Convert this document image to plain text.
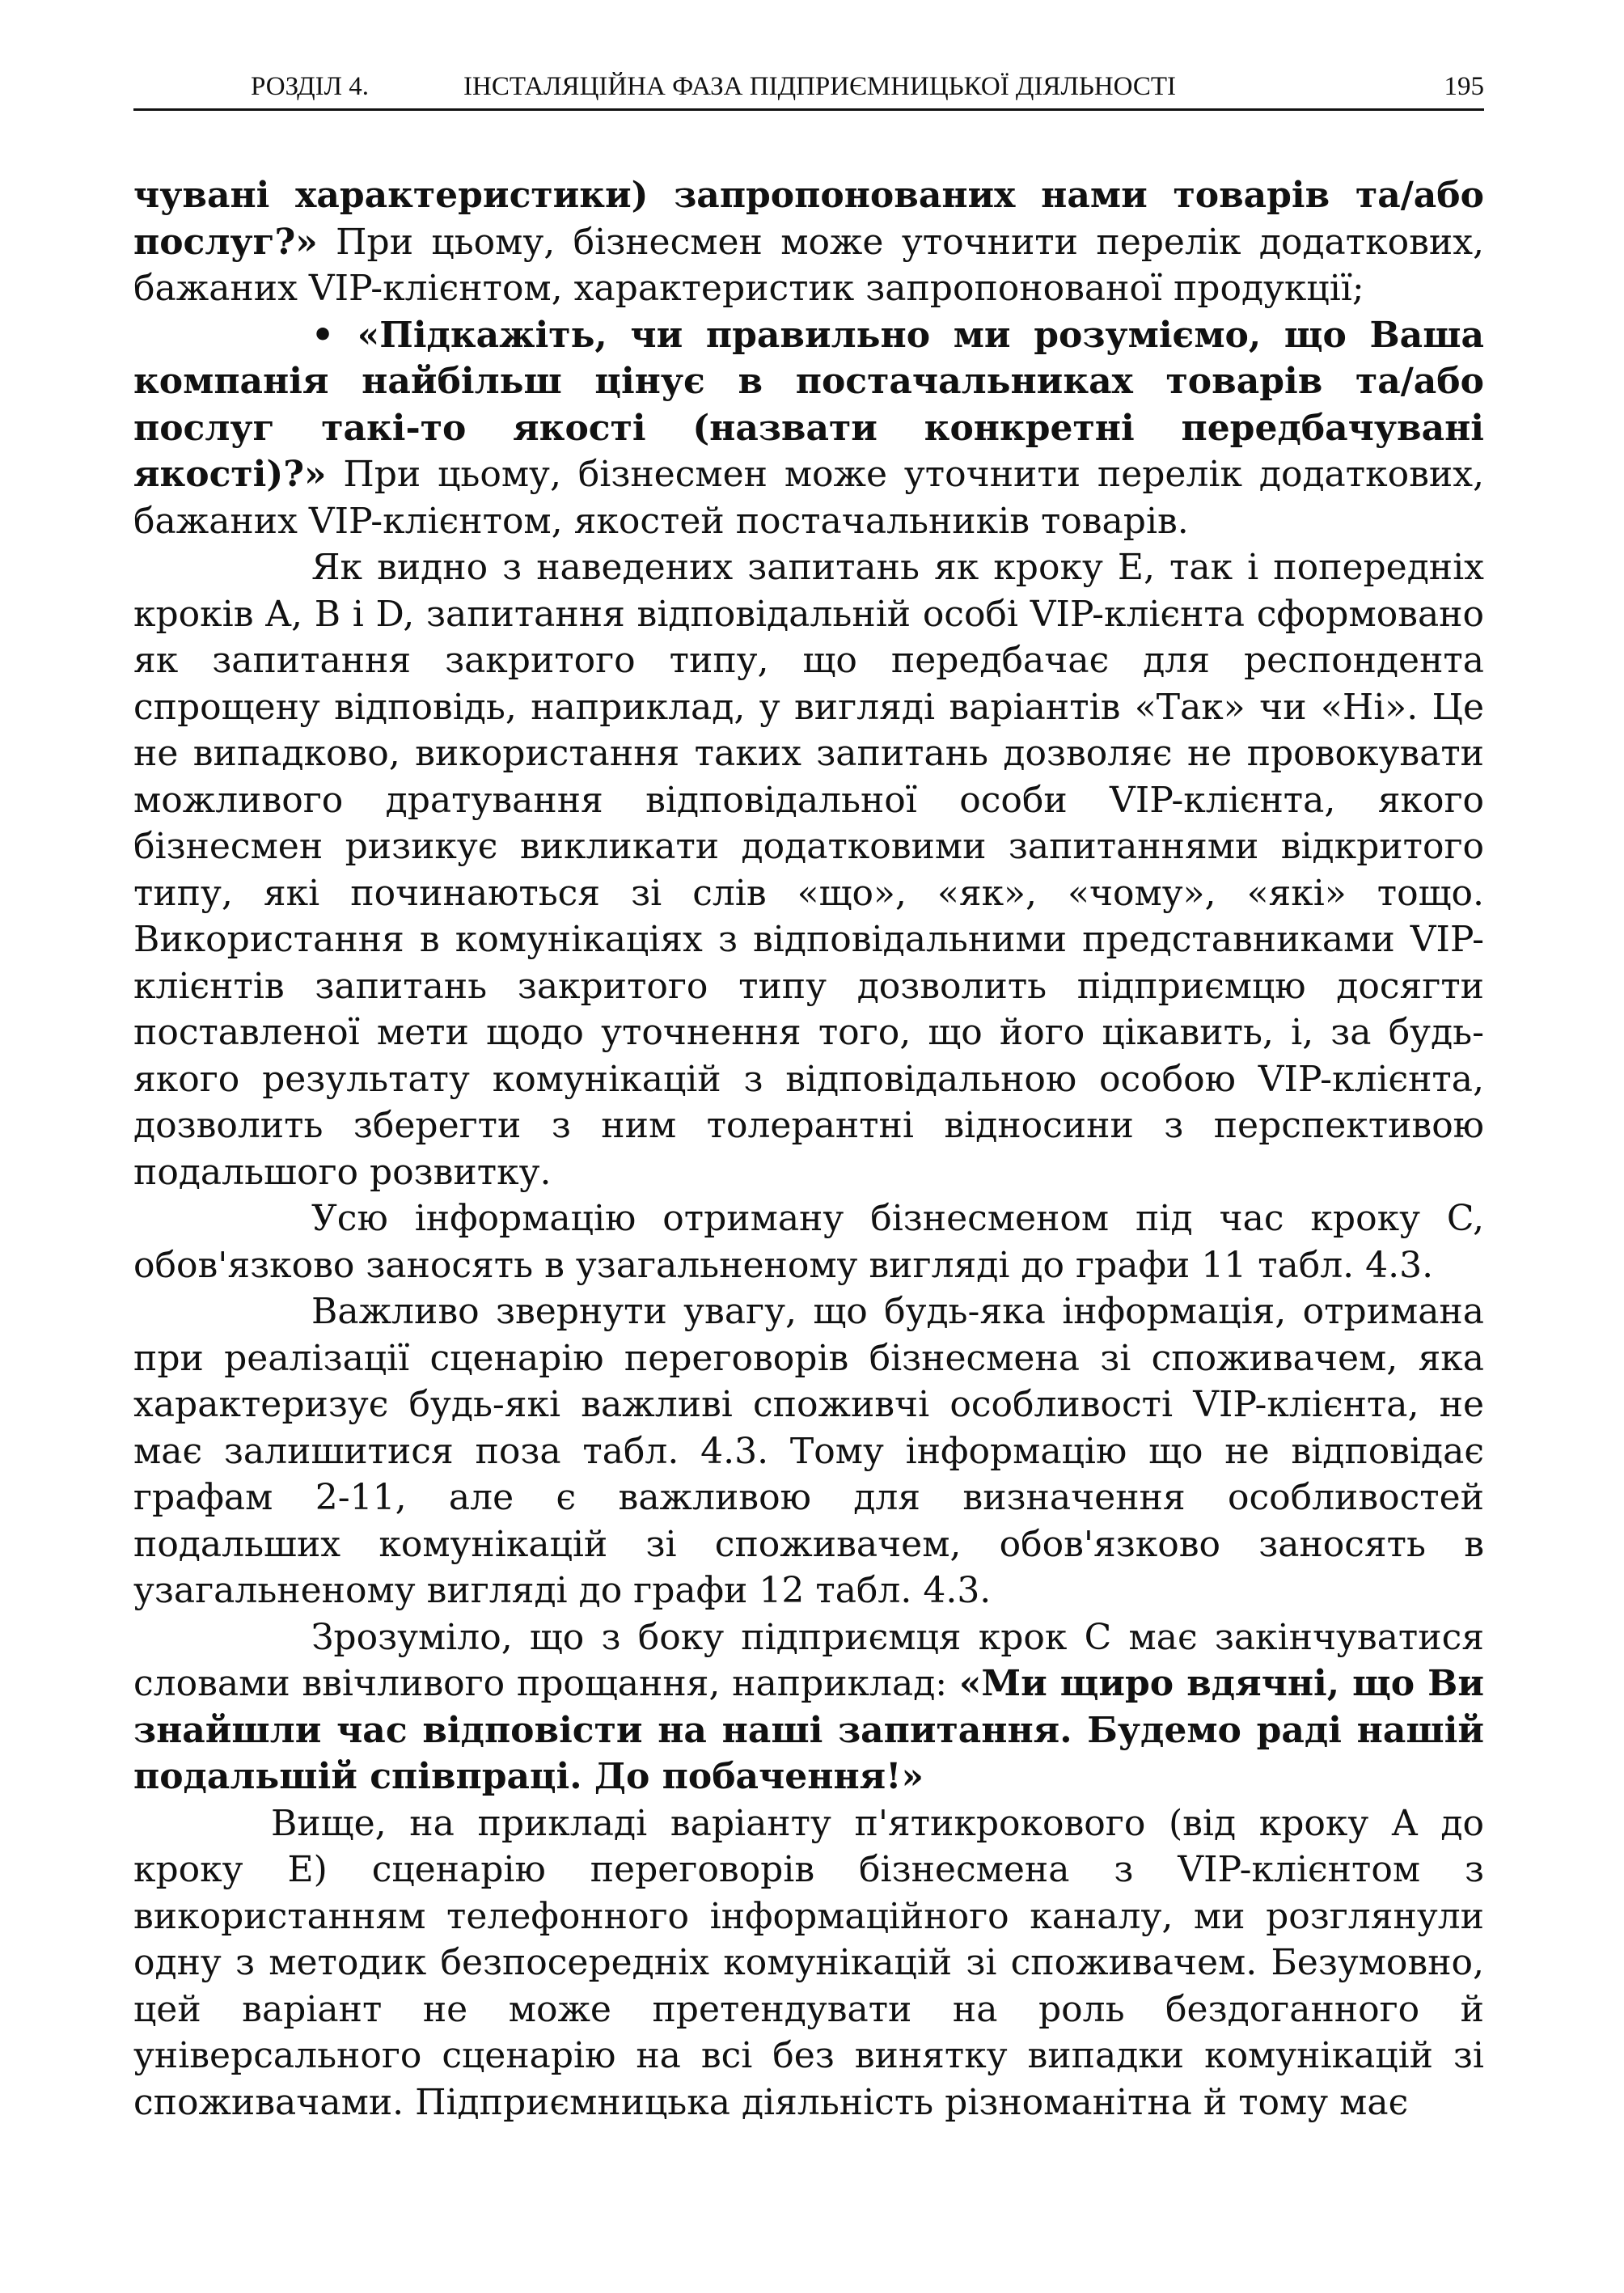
РОЗДІЛ 4.	ІНСТАЛЯЦІЙНА ФАЗА ПІДПРИЄМНИЦЬКОЇ ДІЯЛЬНОСТІ	195

чувані характеристики) запропонованих нами товарів та/або послуг?» При цьому, бізнесмен може уточнити перелік додаткових, бажаних VIP-клієнтом, характеристик запропонованої продукції;

• «Підкажіть, чи правильно ми розуміємо, що Ваша компанія найбільш цінує в постачальниках товарів та/або послуг такі-то якості (назвати конкретні передбачувані якості)?» При цьому, бізнесмен може уточнити перелік додаткових, бажаних VIP-клієнтом, якостей постачальників товарів.

Як видно з наведених запитань як кроку E, так і попередніх кроків A, B і D, запитання відповідальній особі VIP-клієнта сформовано як запитання закритого типу, що передбачає для респондента спрощену відповідь, наприклад, у вигляді варіантів «Так» чи «Ні». Це не випадково, використання таких запитань дозволяє не провокувати можливого дратування відповідальної особи VIP-клієнта, якого бізнесмен ризикує викликати додатковими запитаннями відкритого типу, які починаються зі слів «що», «як», «чому», «які» тощо. Використання в комунікаціях з відповідальними представниками VIP-клієнтів запитань закритого типу дозволить підприємцю досягти поставленої мети щодо уточнення того, що його цікавить, і, за будь-якого результату комунікацій з відповідальною особою VIP-клієнта, дозволить зберегти з ним толерантні відносини з перспективою подальшого розвитку.

Усю інформацію отриману бізнесменом під час кроку C, обов'язково заносять в узагальненому вигляді до графи 11 табл. 4.3.

Важливо звернути увагу, що будь-яка інформація, отримана при реалізації сценарію переговорів бізнесмена зі споживачем, яка характеризує будь-які важливі споживчі особливості VIP-клієнта, не має залишитися поза табл. 4.3. Тому інформацію що не відповідає графам 2-11, але є важливою для визначення особливостей подальших комунікацій зі споживачем, обов'язково заносять в узагальненому вигляді до графи 12 табл. 4.3.

Зрозуміло, що з боку підприємця крок C має закінчуватися словами ввічливого прощання, наприклад: «Ми щиро вдячні, що Ви знайшли час відповісти на наші запитання. Будемо раді нашій подальшій співпраці. До побачення!»

Вище, на прикладі варіанту п'ятикрокового (від кроку A до кроку E) сценарію переговорів бізнесмена з VIP-клієнтом з використанням телефонного інформаційного каналу, ми розглянули одну з методик безпосередніх комунікацій зі споживачем. Безумовно, цей варіант не може претендувати на роль бездоганного й універсального сценарію на всі без винятку випадки комунікацій зі споживачами. Підприємницька діяльність різноманітна й тому має
